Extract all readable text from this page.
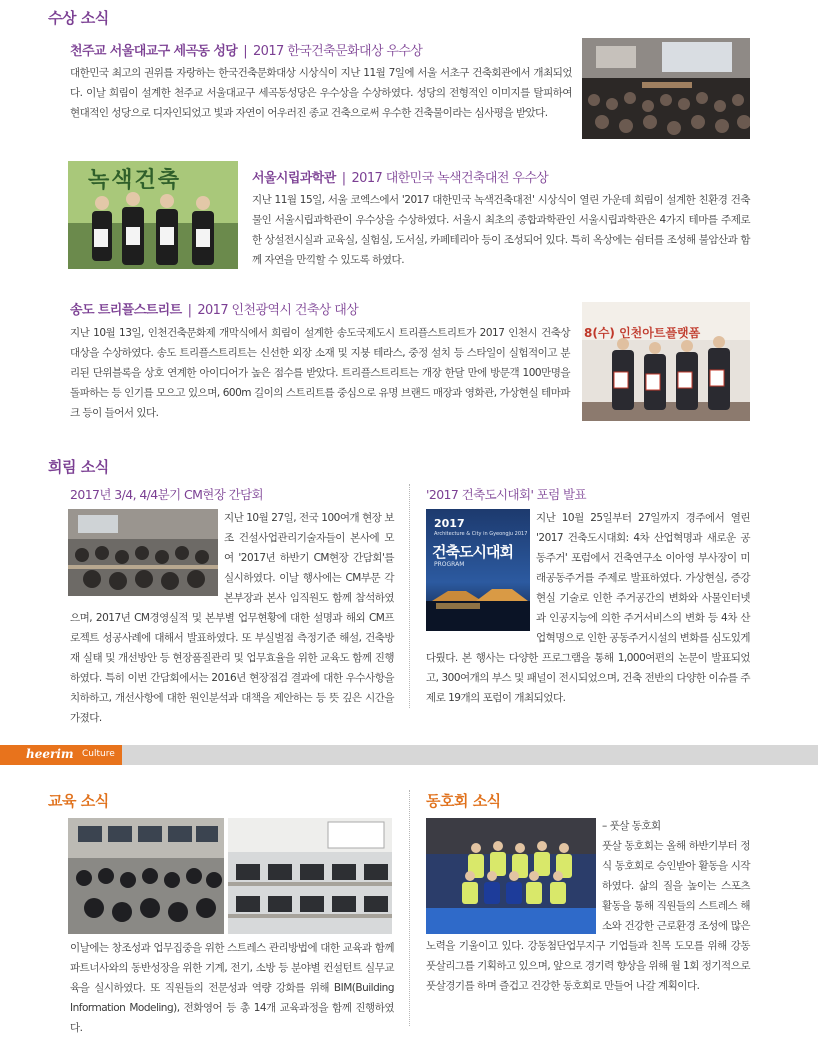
수상 소식
천주교 서울대교구 세곡동 성당 | 2017 한국건축문화대상 우수상
대한민국 최고의 권위를 자랑하는 한국건축문화대상 시상식이 지난 11월 7일에 서울 서초구 건축회관에서 개최되었다. 이날 희림이 설계한 천주교 서울대교구 세곡동성당은 우수상을 수상하였다. 성당의 전형적인 이미지를 탈피하여 현대적인 성당으로 디자인되었고 빛과 자연이 어우러진 종교 건축으로써 우수한 건축물이라는 심사평을 받았다.
녹색건축	서울시립과학관 | 2017 대한민국 녹색건축대전 우수상
지난 11월 15일, 서울 코엑스에서 '2017 대한민국 녹색건축대전' 시상식이 열린 가운데 희림이 설계한 친환경 건축물인 서울시립과학관이 우수상을 수상하였다. 서울시 최초의 종합과학관인 서울시립과학관은 4가지 테마를 주제로 한 상설전시실과 교육실, 실험실, 도서실, 카페테리아 등이 조성되어 있다. 특히 옥상에는 쉼터를 조성해 불암산과 함께 자연을 만끽할 수 있도록 하였다.
송도 트리플스트리트 | 2017 인천광역시 건축상 대상
지난 10월 13일, 인천건축문화제 개막식에서 희림이 설계한 송도국제도시 트리플스트리트가 2017 인천시 건축상 대상을 수상하였다. 송도 트리플스트리트는 신선한 외장 소재 및 지붕 테라스, 중정 설치 등 스타일이 실험적이고 분리된 단위블록을 상호 연계한 아이디어가 높은 점수를 받았다. 트리플스트리트는 개장 한달 만에 방문객 100만명을 돌파하는 등 인기를 모으고 있으며, 600m 길이의 스트리트를 중심으로 유명 브랜드 매장과 영화관, 가상현실 테마파크 등이 들어서 있다.
8(수) 인천아트플랫폼
희림 소식
2017년 3/4, 4/4분기 CM현장 간담회
지난 10월 27일, 전국 100여개 현장 보조 건설사업관리기술자들이 본사에 모여 '2017년 하반기 CM현장 간담회'를 실시하였다. 이날 행사에는 CM부문 각 본부장과 본사 임직원도 함께 참석하였으며, 2017년 CM경영실적 및 본부별 업무현황에 대한 설명과 해외 CM프로젝트 성공사례에 대해서 발표하였다. 또 부실벌점 측정기준 해설, 건축방재 실태 및 개선방안 등 현장품질관리 및 업무효율을 위한 교육도 함께 진행하였다. 특히 이번 간담회에서는 2016년 현장점검 결과에 대한 우수사항을 치하하고, 개선사항에 대한 원인분석과 대책을 제안하는 등 뜻 깊은 시간을 가졌다.
'2017 건축도시대회' 포럼 발표
2017
Architecture & City in Gyeongju 2017
건축도시대회
PROGRAM
지난 10월 25일부터 27일까지 경주에서 열린 '2017 건축도시대회: 4차 산업혁명과 새로운 공동주거' 포럼에서 건축연구소 이아영 부사장이 미래공동주거를 주제로 발표하였다. 가상현실, 증강현실 기술로 인한 주거공간의 변화와 사물인터넷과 인공지능에 의한 주거서비스의 변화 등 4차 산업혁명으로 인한 공동주거시설의 변화를 심도있게 다뤘다. 본 행사는 다양한 프로그램을 통해 1,000여편의 논문이 발표되었고, 300여개의 부스 및 패널이 전시되었으며, 건축 전반의 다양한 이슈를 주제로 19개의 포럼이 개최되었다.
heerim Culture
교육 소식
이날에는 창조성과 업무집중을 위한 스트레스 관리방법에 대한 교육과 함께 파트너사와의 동반성장을 위한 기계, 전기, 소방 등 분야별 컨설턴트 실무교육을 실시하였다. 또 직원들의 전문성과 역량 강화를 위해 BIM(Building Information Modeling), 전화영어 등 총 14개 교육과정을 함께 진행하였다.
동호회 소식
– 풋살 동호회
풋살 동호회는 올해 하반기부터 정식 동호회로 승인받아 활동을 시작하였다. 삶의 질을 높이는 스포츠활동을 통해 직원들의 스트레스 해소와 건강한 근로환경 조성에 많은 노력을 기울이고 있다. 강동첨단업무지구 기업들과 친목 도모를 위해 강동 풋살리그를 기획하고 있으며, 앞으로 경기력 향상을 위해 월 1회 정기적으로 풋살경기를 하며 즐겁고 건강한 동호회로 만들어 나갈 계획이다.
